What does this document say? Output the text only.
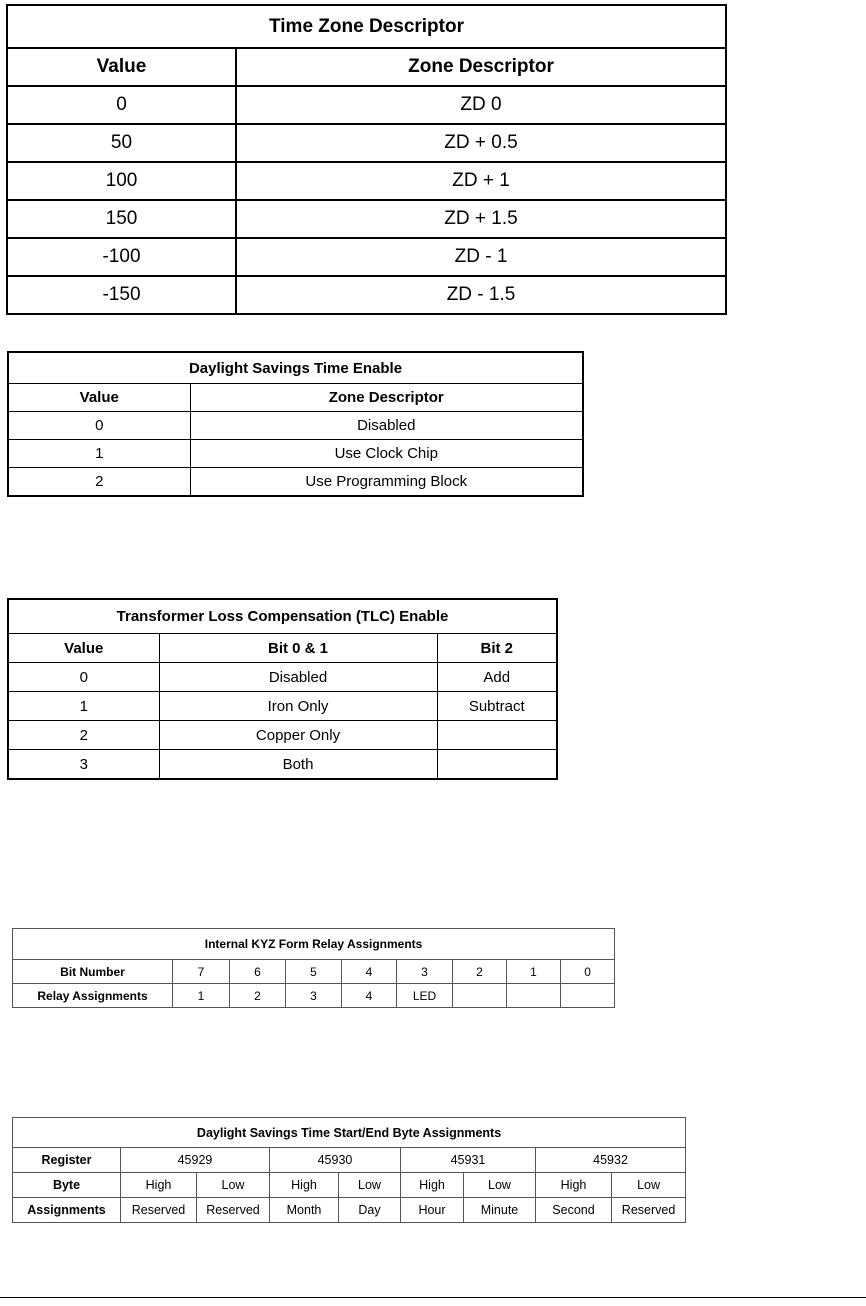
Time Zone Descriptor	
Value	Zone Descriptor
0	ZD 0
50	ZD + 0.5
100	ZD + 1
150	ZD + 1.5
-100	ZD - 1
-150	ZD - 1.5
Daylight Savings Time Enable	
Value	Zone Descriptor
0	Disabled
1	Use Clock Chip
2	Use Programming Block
Transformer Loss Compensation (TLC) Enable		
Value	Bit 0 & 1	Bit 2
0	Disabled	Add
1	Iron Only	Subtract
2	Copper Only	
3	Both	
Internal KYZ Form Relay Assignments								
Bit Number	7	6	5	4	3	2	1	0
Relay Assignments	1	2	3	4	LED			
Daylight Savings Time Start/End Byte Assignments								
Register	45929		45930		45931		45932	
Byte	High	Low	High	Low	High	Low	High	Low
Assignments	Reserved	Reserved	Month	Day	Hour	Minute	Second	Reserved
